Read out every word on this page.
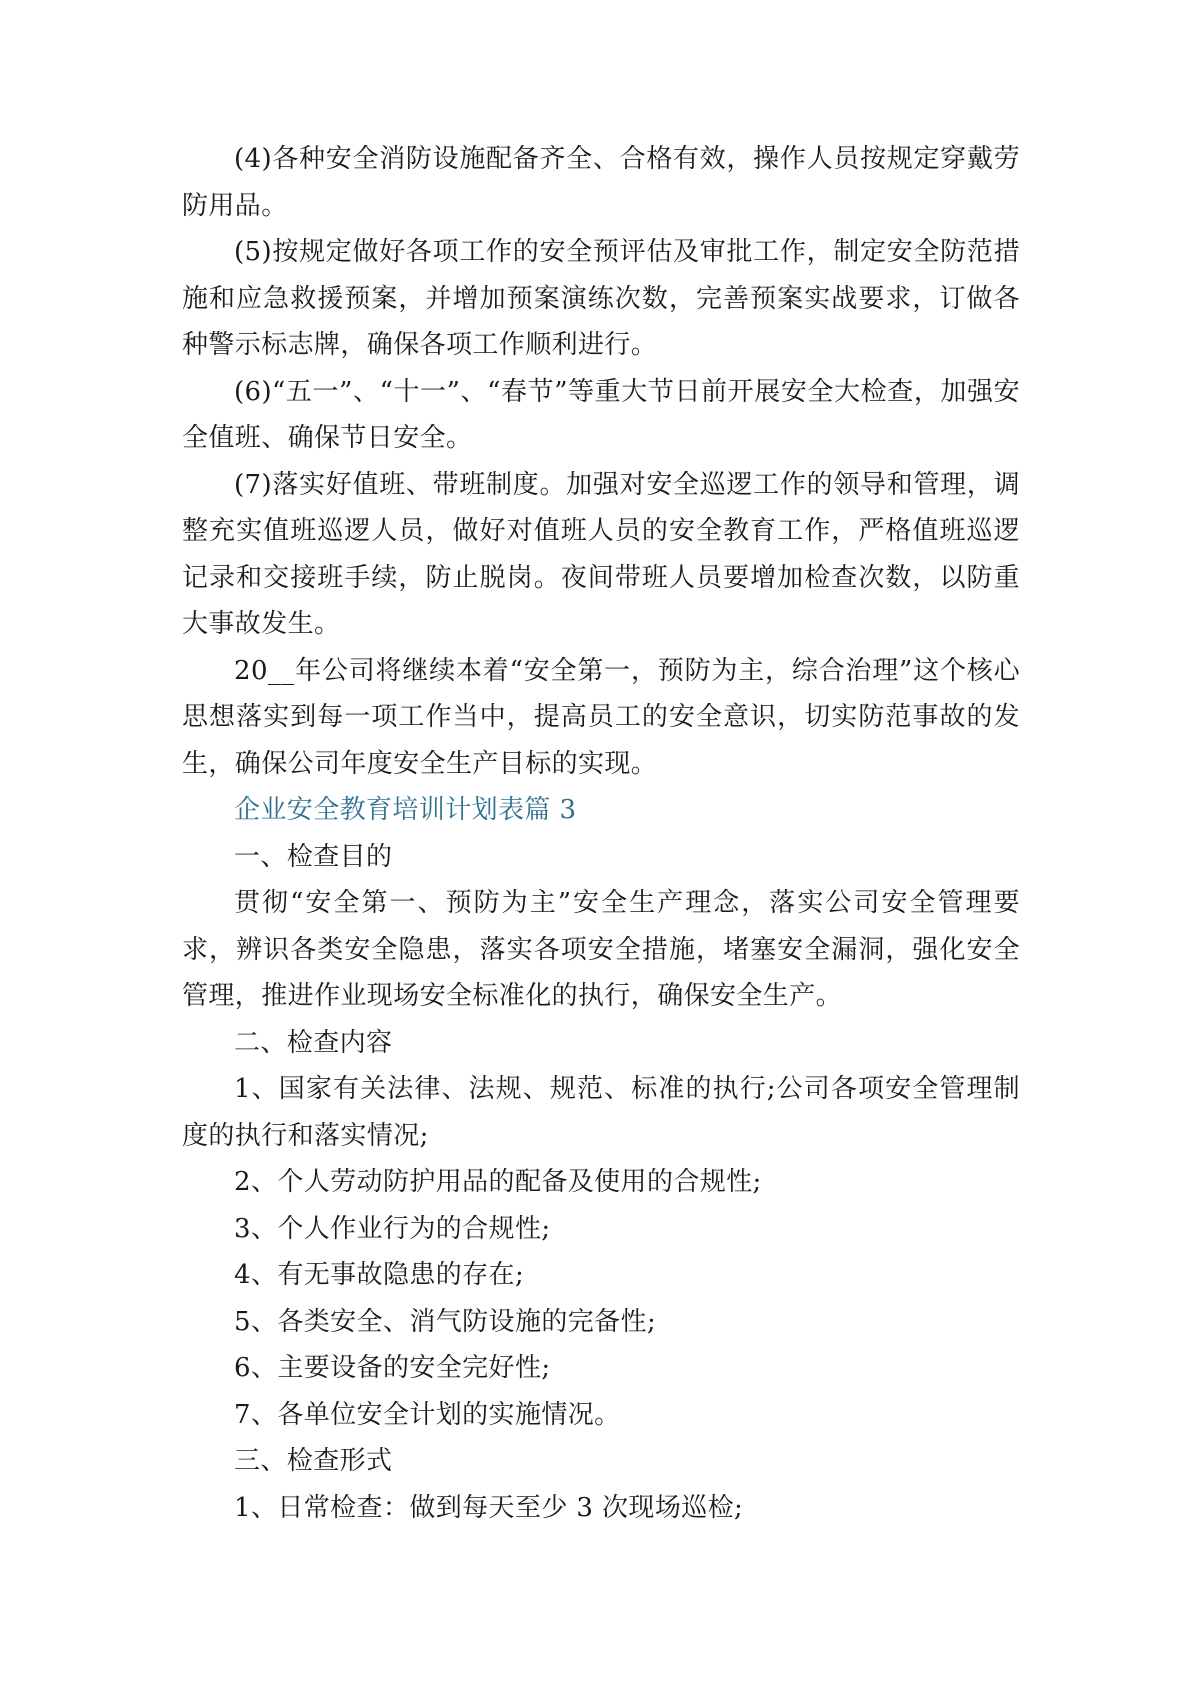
(4)各种安全消防设施配备齐全、合格有效，操作人员按规定穿戴劳防用品。

(5)按规定做好各项工作的安全预评估及审批工作，制定安全防范措施和应急救援预案，并增加预案演练次数，完善预案实战要求，订做各种警示标志牌，确保各项工作顺利进行。

(6)“五一”、“十一”、“春节”等重大节日前开展安全大检查，加强安全值班、确保节日安全。

(7)落实好值班、带班制度。加强对安全巡逻工作的领导和管理，调整充实值班巡逻人员，做好对值班人员的安全教育工作，严格值班巡逻记录和交接班手续，防止脱岗。夜间带班人员要增加检查次数，以防重大事故发生。

20__年公司将继续本着“安全第一，预防为主，综合治理”这个核心思想落实到每一项工作当中，提高员工的安全意识，切实防范事故的发生，确保公司年度安全生产目标的实现。

企业安全教育培训计划表篇 3

一、检查目的

贯彻“安全第一、预防为主”安全生产理念，落实公司安全管理要求，辨识各类安全隐患，落实各项安全措施，堵塞安全漏洞，强化安全管理，推进作业现场安全标准化的执行，确保安全生产。

二、检查内容

1、国家有关法律、法规、规范、标准的执行;公司各项安全管理制度的执行和落实情况;

2、个人劳动防护用品的配备及使用的合规性;

3、个人作业行为的合规性;

4、有无事故隐患的存在;

5、各类安全、消气防设施的完备性;

6、主要设备的安全完好性;

7、各单位安全计划的实施情况。

三、检查形式

1、日常检查：做到每天至少 3 次现场巡检;
